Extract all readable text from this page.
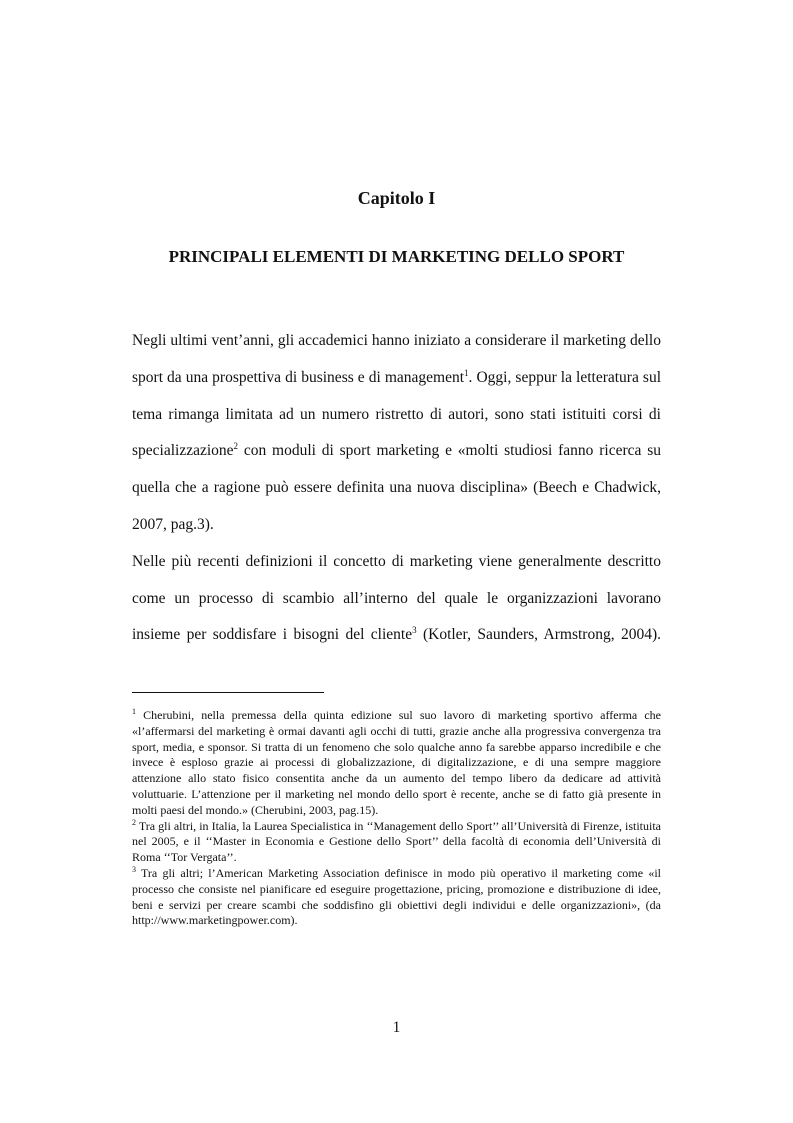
Capitolo I
PRINCIPALI ELEMENTI DI MARKETING DELLO SPORT

Negli ultimi vent’anni, gli accademici hanno iniziato a considerare il marketing dello sport da una prospettiva di business e di management$^1$. Oggi, seppur la letteratura sul tema rimanga limitata ad un numero ristretto di autori, sono stati istituiti corsi di specializzazione$^2$ con moduli di sport marketing e «molti studiosi fanno ricerca su quella che a ragione può essere definita una nuova disciplina» (Beech e Chadwick, 2007, pag.3).

Nelle più recenti definizioni il concetto di marketing viene generalmente descritto come un processo di scambio all’interno del quale le organizzazioni lavorano insieme per soddisfare i bisogni del cliente$^3$ (Kotler, Saunders, Armstrong, 2004).

$^1$ Cherubini, nella premessa della quinta edizione sul suo lavoro di marketing sportivo afferma che «l’affermarsi del marketing è ormai davanti agli occhi di tutti, grazie anche alla progressiva convergenza tra sport, media, e sponsor. Si tratta di un fenomeno che solo qualche anno fa sarebbe apparso incredibile e che invece è esploso grazie ai processi di globalizzazione, di digitalizzazione, e di una sempre maggiore attenzione allo stato fisico consentita anche da un aumento del tempo libero da dedicare ad attività voluttuarie. L’attenzione per il marketing nel mondo dello sport è recente, anche se di fatto già presente in molti paesi del mondo.» (Cherubini, 2003, pag.15).

$^2$ Tra gli altri, in Italia, la Laurea Specialistica in ‘‘Management dello Sport’’ all’Università di Firenze, istituita nel 2005, e il ‘‘Master in Economia e Gestione dello Sport’’ della facoltà di economia dell’Università di Roma ‘‘Tor Vergata’’.

$^3$ Tra gli altri; l’American Marketing Association definisce in modo più operativo il marketing come «il processo che consiste nel pianificare ed eseguire progettazione, pricing, promozione e distribuzione di idee, beni e servizi per creare scambi che soddisfino gli obiettivi degli individui e delle organizzazioni», (da http://www.marketingpower.com).

1
